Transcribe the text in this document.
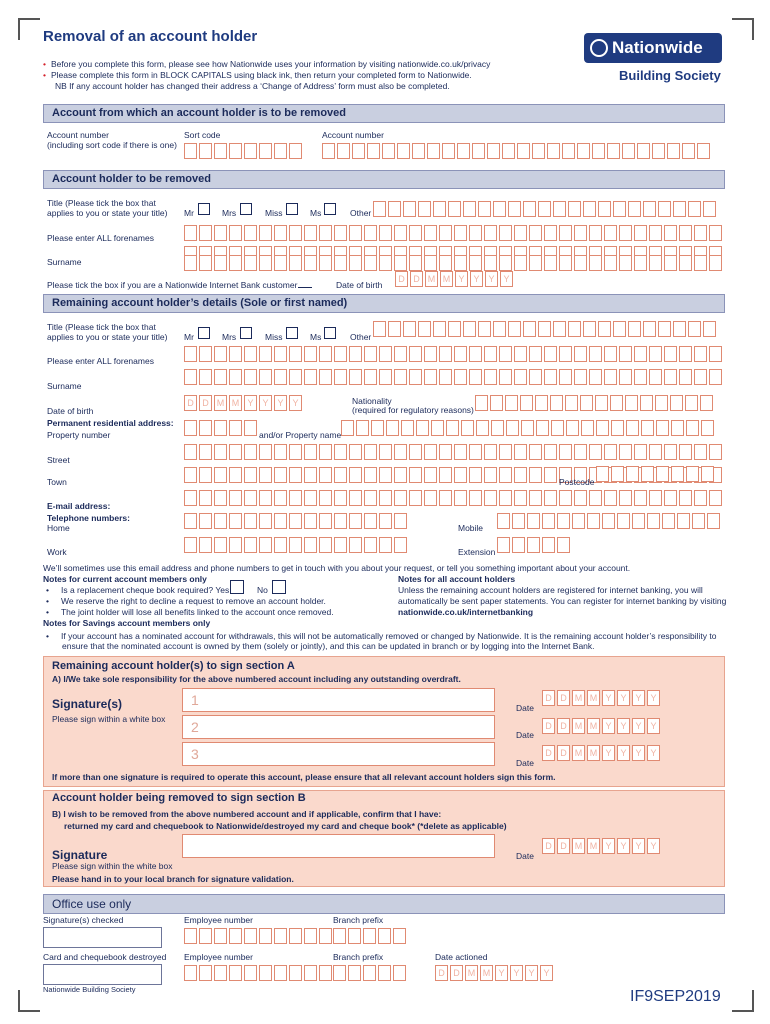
Removal of an account holder
• Before you complete this form, please see how Nationwide uses your information by visiting nationwide.co.uk/privacy
• Please complete this form in BLOCK CAPITALS using black ink, then return your completed form to Nationwide.
NB If any account holder has changed their address a ‘Change of Address’ form must also be completed.
Nationwide
Building Society
Account from which an account holder is to be removed
Account number
(including sort code if there is one)
Sort code	Account number
Account holder to be removed
Title (Please tick the box that
applies to you or state your title) Mr	Mrs	Miss	Ms	Other
Please enter ALL forenames
Surname
Please tick the box if you are a Nationwide Internet Bank customer	Date of birth
D D M M Y Y Y Y
Remaining account holder’s details (Sole or first named)
Title (Please tick the box that
applies to you or state your title) Mr	Mrs	Miss	Ms	Other
Please enter ALL forenames
Surname
Date of birth
D D M M Y Y Y Y	Nationality
(required for regulatory reasons)
Permanent residential address:
Property number	and/or Property name
Street
Town	Postcode
E-mail address:
Telephone numbers:
Home	Mobile
Work	Extension
We’ll sometimes use this email address and phone numbers to get in touch with you about your request, or tell you something important about your account.
Notes for current account members only
• Is a replacement cheque book required? Yes	No
• We reserve the right to decline a request to remove an account holder.
• The joint holder will lose all benefits linked to the account once removed.
Notes for all account holders
Unless the remaining account holders are registered for internet banking, you will
automatically be sent paper statements. You can register for internet banking by visiting
nationwide.co.uk/internetbanking
Notes for Savings account members only
• If your account has a nominated account for withdrawals, this will not be automatically removed or changed by Nationwide. It is the remaining account holder’s responsibility to
ensure that the nominated account is owned by them (solely or jointly), and this can be updated in branch or by logging into the Internet Bank.
Remaining account holder(s) to sign section A
A) I/We take sole responsibility for the above numbered account including any outstanding overdraft.
Signature(s)
Please sign within a white box
1
2
3
Date
Date
Date
D D M M Y Y Y Y
D D M M Y Y Y Y
D D M M Y Y Y Y
If more than one signature is required to operate this account, please ensure that all relevant account holders sign this form.
Account holder being removed to sign section B
B) I wish to be removed from the above numbered account and if applicable, confirm that I have:
returned my card and chequebook to Nationwide/destroyed my card and cheque book* (*delete as applicable)
Signature
Please sign within the white box
Please hand in to your local branch for signature validation.
Date
D D M M Y Y Y Y
Office use only
Signature(s) checked	Employee number	Branch prefix
Card and chequebook destroyed Employee number	Branch prefix	Date actioned
D D M M Y Y Y Y
Nationwide Building Society	IF9SEP2019
